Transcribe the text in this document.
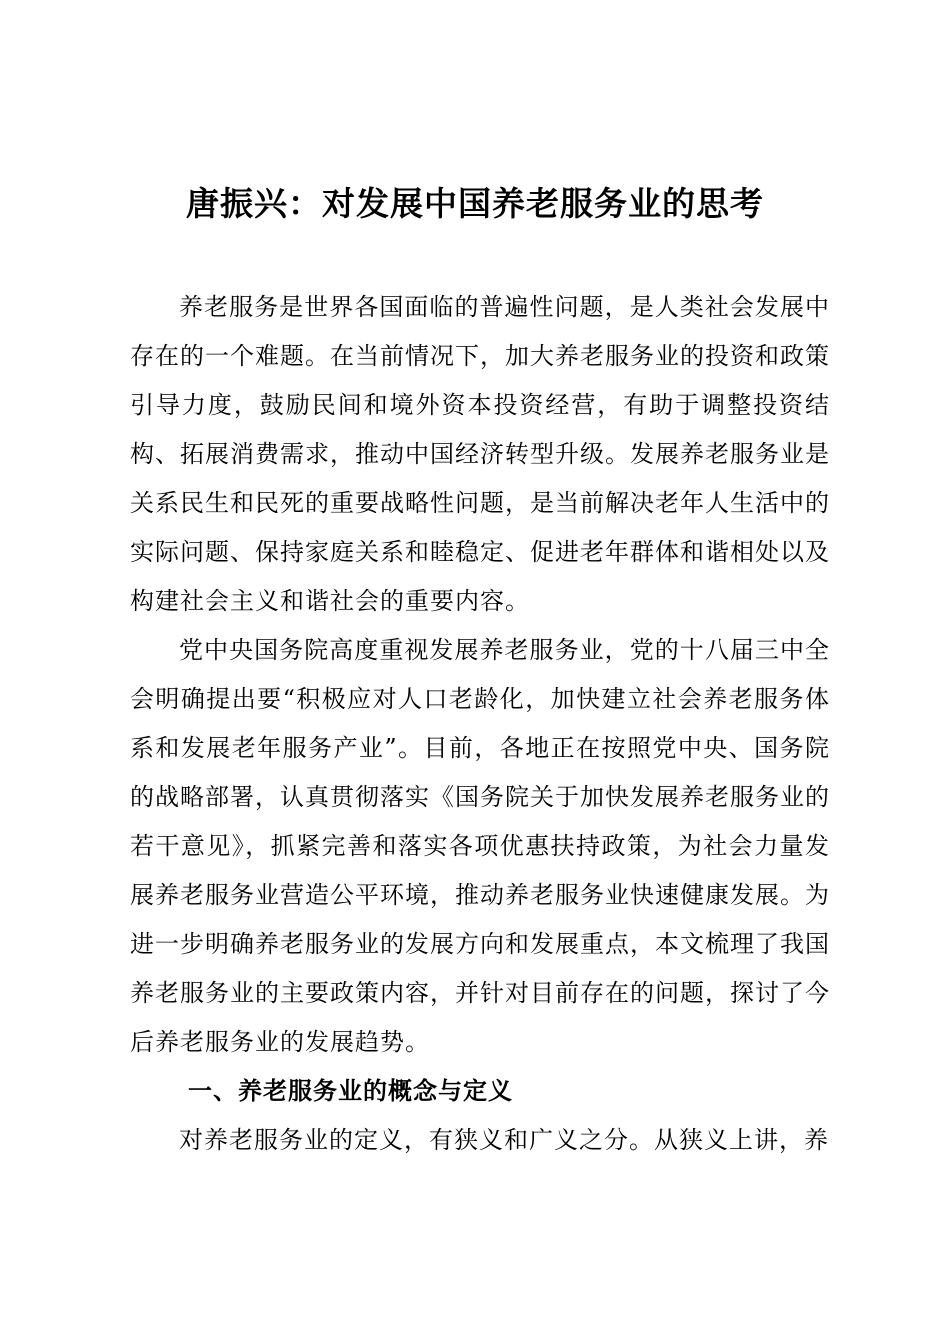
唐振兴：对发展中国养老服务业的思考

养老服务是世界各国面临的普遍性问题，是人类社会发展中存在的一个难题。在当前情况下，加大养老服务业的投资和政策引导力度，鼓励民间和境外资本投资经营，有助于调整投资结构、拓展消费需求，推动中国经济转型升级。发展养老服务业是关系民生和民死的重要战略性问题，是当前解决老年人生活中的实际问题、保持家庭关系和睦稳定、促进老年群体和谐相处以及构建社会主义和谐社会的重要内容。

党中央国务院高度重视发展养老服务业，党的十八届三中全会明确提出要“积极应对人口老龄化，加快建立社会养老服务体系和发展老年服务产业”。目前，各地正在按照党中央、国务院的战略部署，认真贯彻落实《国务院关于加快发展养老服务业的若干意见》，抓紧完善和落实各项优惠扶持政策，为社会力量发展养老服务业营造公平环境，推动养老服务业快速健康发展。为进一步明确养老服务业的发展方向和发展重点，本文梳理了我国养老服务业的主要政策内容，并针对目前存在的问题，探讨了今后养老服务业的发展趋势。

一、养老服务业的概念与定义

对养老服务业的定义，有狭义和广义之分。从狭义上讲，养
